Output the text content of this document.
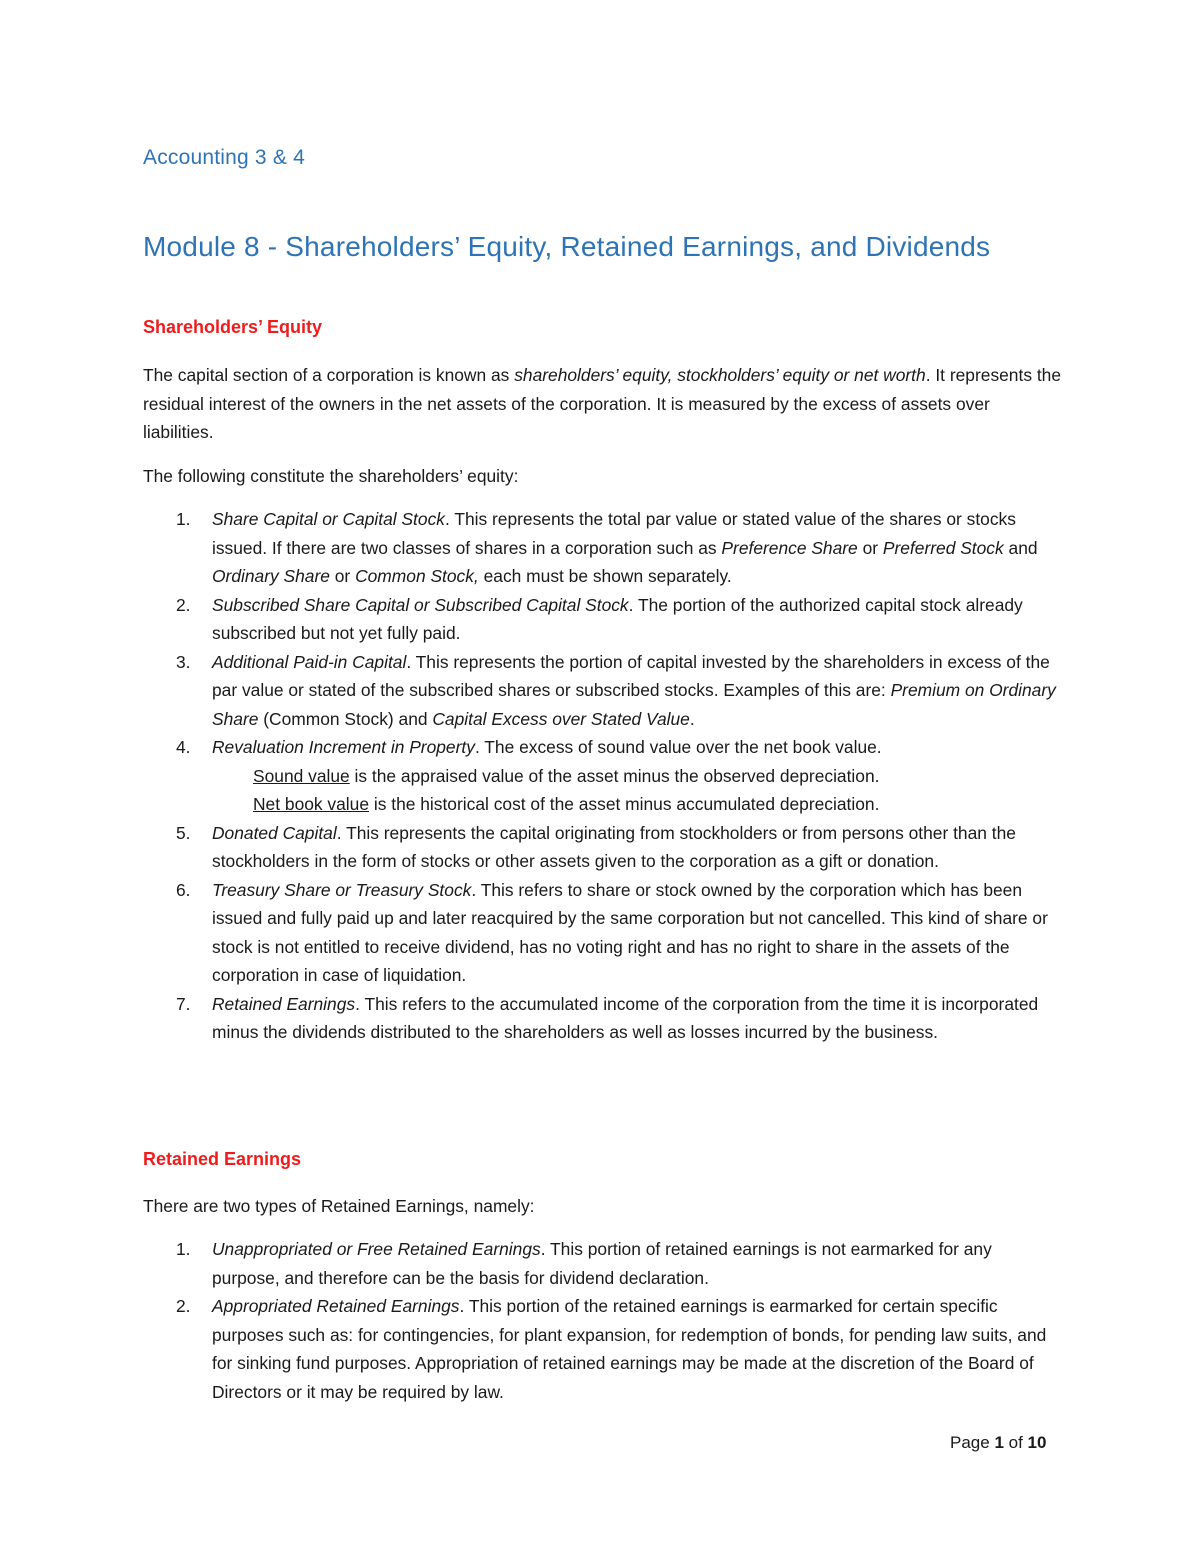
Accounting 3 & 4
Module 8 - Shareholders’ Equity, Retained Earnings, and Dividends
Shareholders’ Equity

The capital section of a corporation is known as shareholders’ equity, stockholders’ equity or net worth. It represents the residual interest of the owners in the net assets of the corporation. It is measured by the excess of assets over liabilities.

The following constitute the shareholders’ equity:

1. Share Capital or Capital Stock. This represents the total par value or stated value of the shares or stocks issued. If there are two classes of shares in a corporation such as Preference Share or Preferred Stock and Ordinary Share or Common Stock, each must be shown separately.
2. Subscribed Share Capital or Subscribed Capital Stock. The portion of the authorized capital stock already subscribed but not yet fully paid.
3. Additional Paid-in Capital. This represents the portion of capital invested by the shareholders in excess of the par value or stated of the subscribed shares or subscribed stocks. Examples of this are: Premium on Ordinary Share (Common Stock) and Capital Excess over Stated Value.
4. Revaluation Increment in Property. The excess of sound value over the net book value.
Sound value is the appraised value of the asset minus the observed depreciation.
Net book value is the historical cost of the asset minus accumulated depreciation.
5. Donated Capital. This represents the capital originating from stockholders or from persons other than the stockholders in the form of stocks or other assets given to the corporation as a gift or donation.
6. Treasury Share or Treasury Stock. This refers to share or stock owned by the corporation which has been issued and fully paid up and later reacquired by the same corporation but not cancelled. This kind of share or stock is not entitled to receive dividend, has no voting right and has no right to share in the assets of the corporation in case of liquidation.
7. Retained Earnings. This refers to the accumulated income of the corporation from the time it is incorporated minus the dividends distributed to the shareholders as well as losses incurred by the business.
Retained Earnings

There are two types of Retained Earnings, namely:

1. Unappropriated or Free Retained Earnings. This portion of retained earnings is not earmarked for any purpose, and therefore can be the basis for dividend declaration.
2. Appropriated Retained Earnings. This portion of the retained earnings is earmarked for certain specific purposes such as: for contingencies, for plant expansion, for redemption of bonds, for pending law suits, and for sinking fund purposes. Appropriation of retained earnings may be made at the discretion of the Board of Directors or it may be required by law.
Page 1 of 10
